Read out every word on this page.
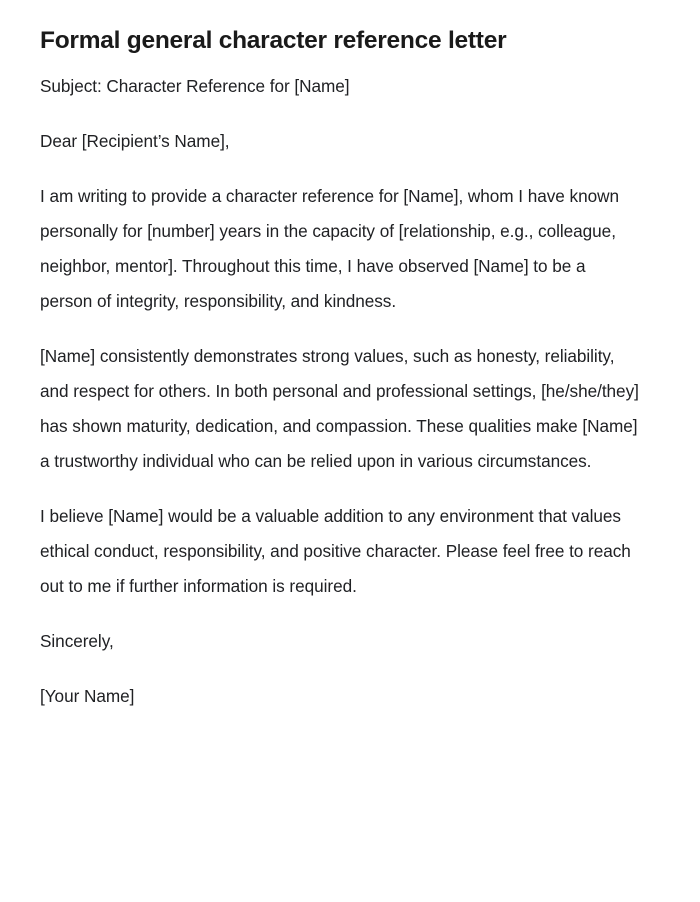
Formal general character reference letter

Subject: Character Reference for [Name]

Dear [Recipient’s Name],

I am writing to provide a character reference for [Name], whom I have known personally for [number] years in the capacity of [relationship, e.g., colleague, neighbor, mentor]. Throughout this time, I have observed [Name] to be a person of integrity, responsibility, and kindness.

[Name] consistently demonstrates strong values, such as honesty, reliability, and respect for others. In both personal and professional settings, [he/she/they] has shown maturity, dedication, and compassion. These qualities make [Name] a trustworthy individual who can be relied upon in various circumstances.

I believe [Name] would be a valuable addition to any environment that values ethical conduct, responsibility, and positive character. Please feel free to reach out to me if further information is required.

Sincerely,

[Your Name]
